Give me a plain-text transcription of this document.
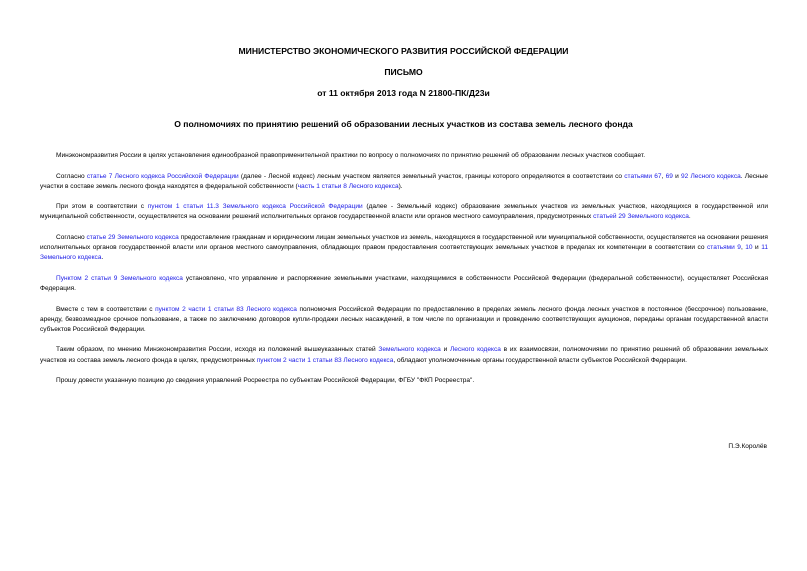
МИНИСТЕРСТВО ЭКОНОМИЧЕСКОГО РАЗВИТИЯ РОССИЙСКОЙ ФЕДЕРАЦИИ
ПИСЬМО
от 11 октября 2013 года N 21800-ПК/Д23и
О полномочиях по принятию решений об образовании лесных участков из состава земель лесного фонда

Минэкономразвития России в целях установления единообразной правоприменительной практики по вопросу о полномочиях по принятию решений об образовании лесных участков сообщает.

Согласно статье 7 Лесного кодекса Российской Федерации (далее - Лесной кодекс) лесным участком является земельный участок, границы которого определяются в соответствии со статьями 67, 69 и 92 Лесного кодекса. Лесные участки в составе земель лесного фонда находятся в федеральной собственности (часть 1 статьи 8 Лесного кодекса).

При этом в соответствии с пунктом 1 статьи 11.3 Земельного кодекса Российской Федерации (далее - Земельный кодекс) образование земельных участков из земельных участков, находящихся в государственной или муниципальной собственности, осуществляется на основании решений исполнительных органов государственной власти или органов местного самоуправления, предусмотренных статьей 29 Земельного кодекса.

Согласно статье 29 Земельного кодекса предоставление гражданам и юридическим лицам земельных участков из земель, находящихся в государственной или муниципальной собственности, осуществляется на основании решения исполнительных органов государственной власти или органов местного самоуправления, обладающих правом предоставления соответствующих земельных участков в пределах их компетенции в соответствии со статьями 9, 10 и 11 Земельного кодекса.

Пунктом 2 статьи 9 Земельного кодекса установлено, что управление и распоряжение земельными участками, находящимися в собственности Российской Федерации (федеральной собственности), осуществляет Российская Федерация.

Вместе с тем в соответствии с пунктом 2 части 1 статьи 83 Лесного кодекса полномочия Российской Федерации по предоставлению в пределах земель лесного фонда лесных участков в постоянное (бессрочное) пользование, аренду, безвозмездное срочное пользование, а также по заключению договоров купли-продажи лесных насаждений, в том числе по организации и проведению соответствующих аукционов, переданы органам государственной власти субъектов Российской Федерации.

Таким образом, по мнению Минэкономразвития России, исходя из положений вышеуказанных статей Земельного кодекса и Лесного кодекса в их взаимосвязи, полномочиями по принятию решений об образовании земельных участков из состава земель лесного фонда в целях, предусмотренных пунктом 2 части 1 статьи 83 Лесного кодекса, обладают уполномоченные органы государственной власти субъектов Российской Федерации.

Прошу довести указанную позицию до сведения управлений Росреестра по субъектам Российской Федерации, ФГБУ "ФКП Росреестра".

П.Э.Королёв
